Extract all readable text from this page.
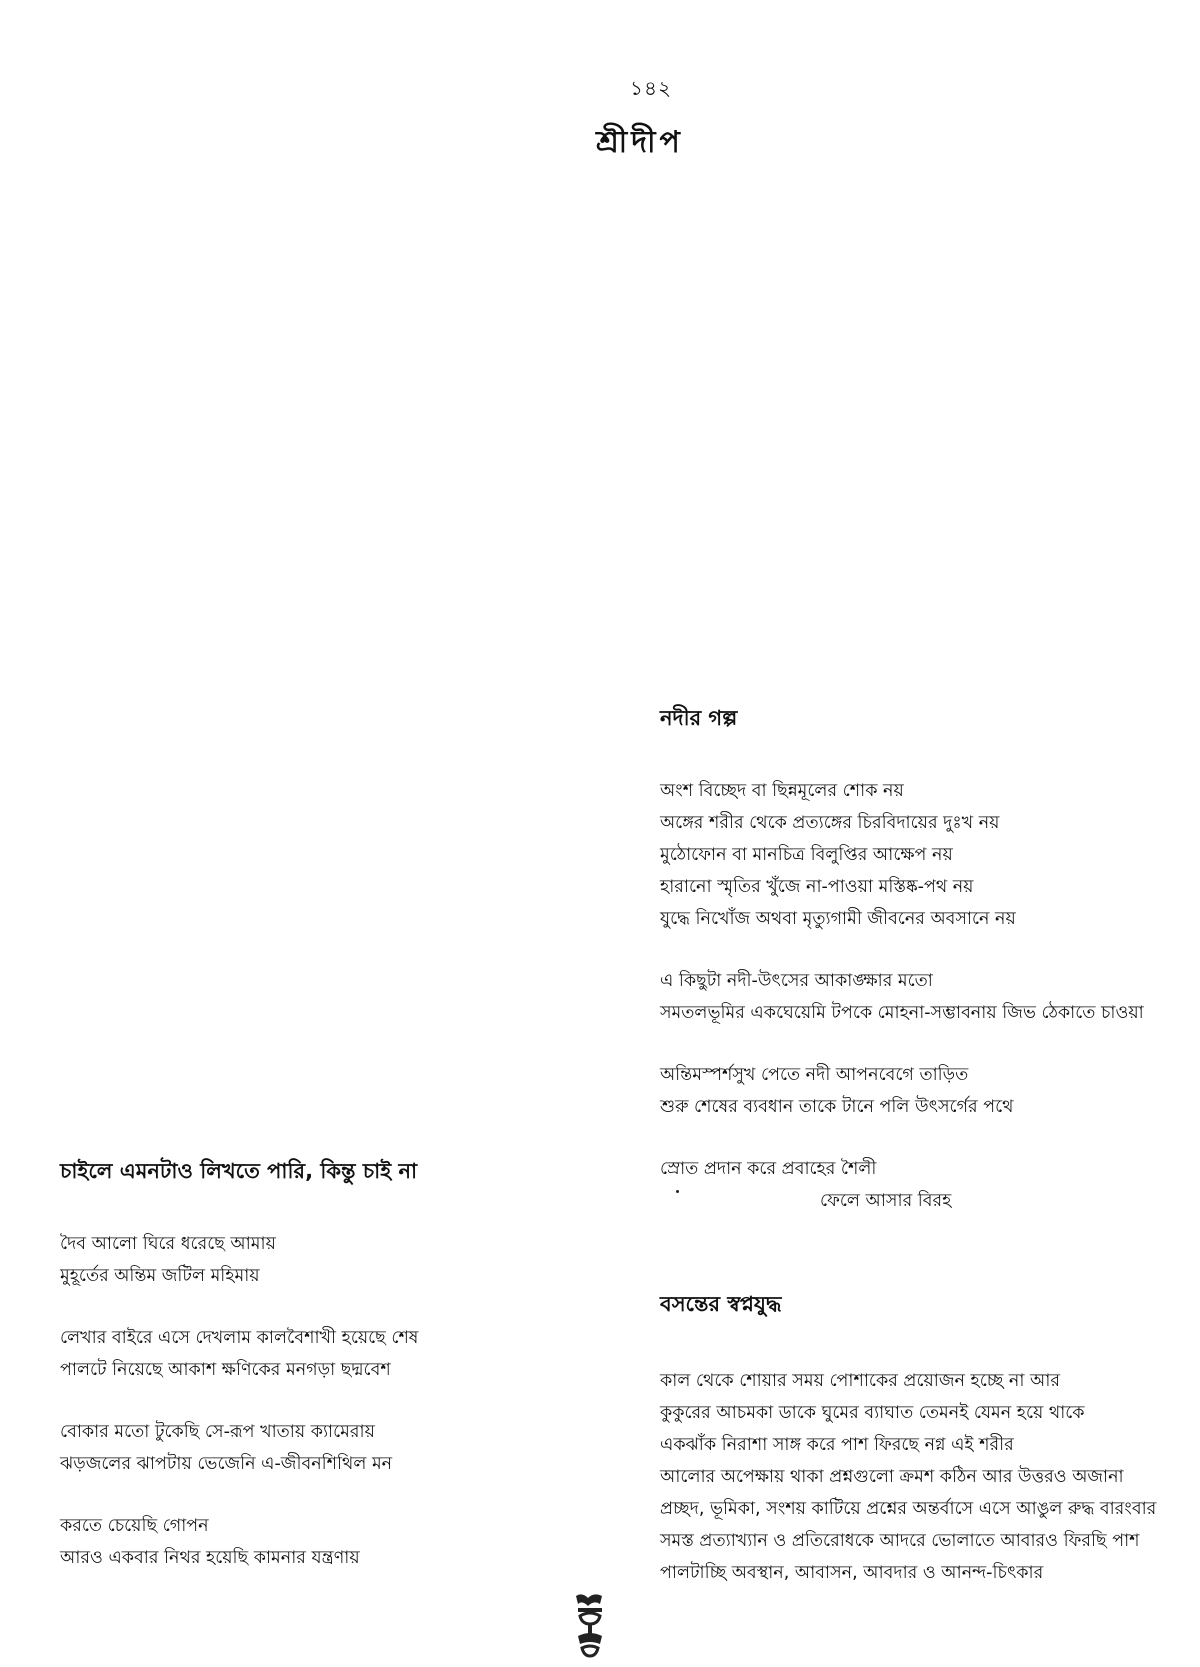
১৪২
শ্রীদীপ
নদীর গল্প
অংশ বিচ্ছেদ বা ছিন্নমূলের শোক নয়
অঙ্গের শরীর থেকে প্রত্যঙ্গের চিরবিদায়ের দুঃখ নয়
মুঠোফোন বা মানচিত্র বিলুপ্তির আক্ষেপ নয়
হারানো স্মৃতির খুঁজে না-পাওয়া মস্তিষ্ক-পথ নয়
যুদ্ধে নিখোঁজ অথবা মৃত্যুগামী জীবনের অবসানে নয়
এ কিছুটা নদী-উৎসের আকাঙ্ক্ষার মতো
সমতলভূমির একঘেয়েমি টপকে মোহনা-সম্ভাবনায় জিভ ঠেকাতে চাওয়া
অন্তিমস্পর্শসুখ পেতে নদী আপনবেগে তাড়িত
শুরু শেষের ব্যবধান তাকে টানে পলি উৎসর্গের পথে
স্রোত প্রদান করে প্রবাহের শৈলী
ফেলে আসার বিরহ
চাইলে এমনটাও লিখতে পারি, কিন্তু চাই না
দৈব আলো ঘিরে ধরেছে আমায়
মুহূর্তের অন্তিম জটিল মহিমায়
লেখার বাইরে এসে দেখলাম কালবৈশাখী হয়েছে শেষ
পালটে নিয়েছে আকাশ ক্ষণিকের মনগড়া ছদ্মবেশ
বোকার মতো টুকেছি সে-রূপ খাতায় ক্যামেরায়
ঝড়জলের ঝাপটায় ভেজেনি এ-জীবনশিথিল মন
করতে চেয়েছি গোপন
আরও একবার নিথর হয়েছি কামনার যন্ত্রণায়
বসন্তের স্বপ্নযুদ্ধ
কাল থেকে শোয়ার সময় পোশাকের প্রয়োজন হচ্ছে না আর
কুকুরের আচমকা ডাকে ঘুমের ব্যাঘাত তেমনই যেমন হয়ে থাকে
একঝাঁক নিরাশা সাঙ্গ করে পাশ ফিরছে নগ্ন এই শরীর
আলোর অপেক্ষায় থাকা প্রশ্নগুলো ক্রমশ কঠিন আর উত্তরও অজানা
প্রচ্ছদ, ভূমিকা, সংশয় কাটিয়ে প্রশ্নের অন্তর্বাসে এসে আঙুল রুদ্ধ বারংবার
সমস্ত প্রত্যাখ্যান ও প্রতিরোধকে আদরে ভোলাতে আবারও ফিরছি পাশ
পালটাচ্ছি অবস্থান, আবাসন, আবদার ও আনন্দ-চিৎকার
